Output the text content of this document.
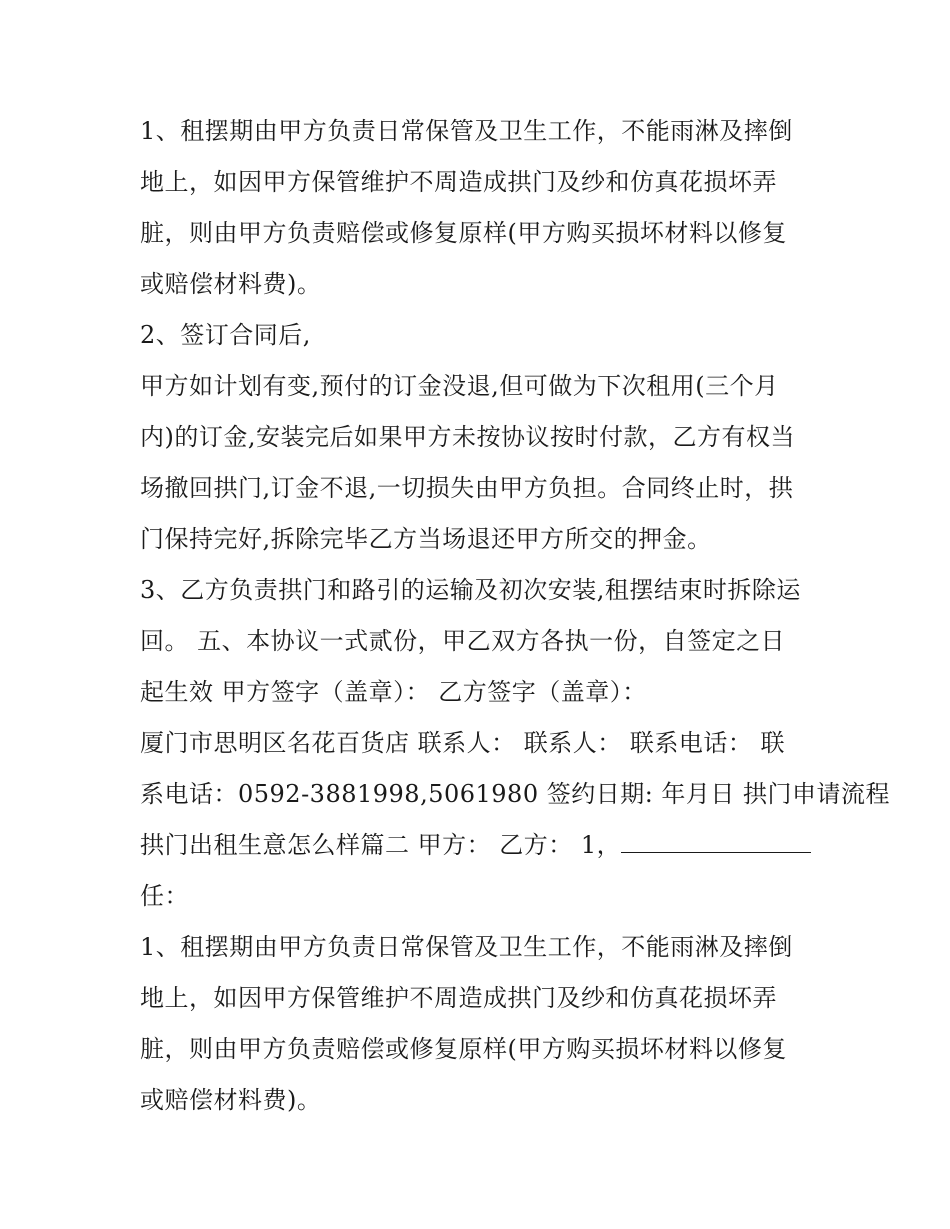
1、租摆期由甲方负责日常保管及卫生工作，不能雨淋及摔倒
地上，如因甲方保管维护不周造成拱门及纱和仿真花损坏弄
脏，则由甲方负责赔偿或修复原样(甲方购买损坏材料以修复
或赔偿材料费)。
2、签订合同后,
甲方如计划有变,预付的订金没退,但可做为下次租用(三个月
内)的订金,安装完后如果甲方未按协议按时付款，乙方有权当
场撤回拱门,订金不退,一切损失由甲方负担。合同终止时，拱
门保持完好,拆除完毕乙方当场退还甲方所交的押金。
3、乙方负责拱门和路引的运输及初次安装,租摆结束时拆除运
回。 五、本协议一式贰份，甲乙双方各执一份，自签定之日
起生效 甲方签字（盖章）： 乙方签字（盖章）：
厦门市思明区名花百货店 联系人： 联系人： 联系电话： 联
系电话：0592-3881998,5061980 签约日期: 年月日 拱门申请流程
拱门出租生意怎么样篇二 甲方： 乙方： 1，
任：
1、租摆期由甲方负责日常保管及卫生工作，不能雨淋及摔倒
地上，如因甲方保管维护不周造成拱门及纱和仿真花损坏弄
脏，则由甲方负责赔偿或修复原样(甲方购买损坏材料以修复
或赔偿材料费)。
